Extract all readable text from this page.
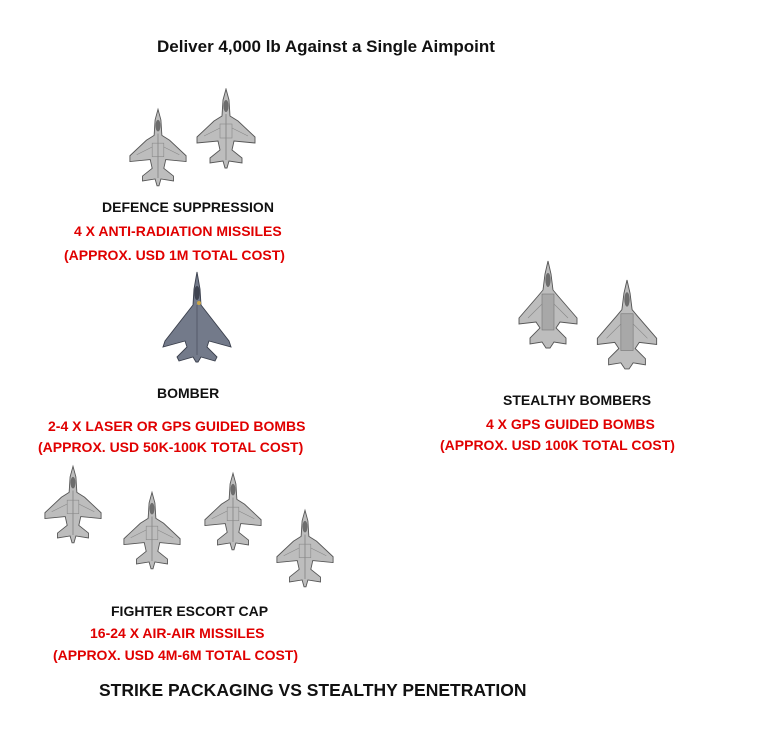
Deliver 4,000 lb Against a Single Aimpoint
DEFENCE SUPPRESSION
4 X ANTI-RADIATION MISSILES
(APPROX. USD 1M TOTAL COST)
BOMBER
2-4 X LASER OR GPS GUIDED BOMBS
(APPROX. USD 50K-100K TOTAL COST)
FIGHTER ESCORT CAP
16-24 X AIR-AIR MISSILES
(APPROX. USD 4M-6M TOTAL COST)
STEALTHY BOMBERS
4 X GPS GUIDED BOMBS
(APPROX. USD 100K TOTAL COST)
STRIKE PACKAGING VS STEALTHY PENETRATION
